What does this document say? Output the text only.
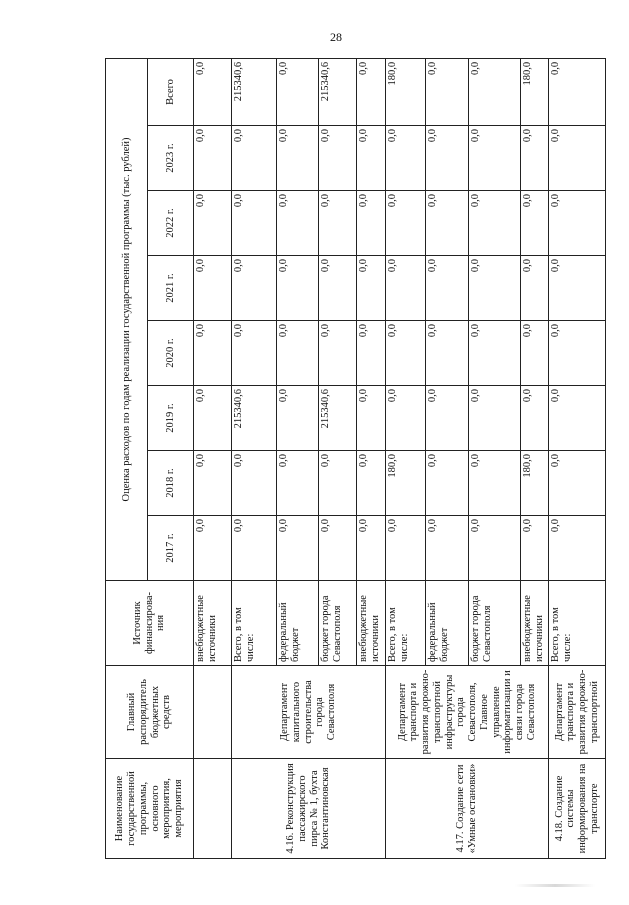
28
Наименование государственной программы, основного мероприятия, мероприятия	Главный распорядитель бюджетных средств	Источник финансирова-ния	Оценка расходов по годам реализации государственной программы (тыс. рублей)							
			2017 г.	2018 г.	2019 г.	2020 г.	2021 г.	2022 г.	2023 г.	Всего
		внебюджетные источники	0,0	0,0	0,0	0,0	0,0	0,0	0,0	0,0
4.16. Реконструкция пассажирского пирса № 1, бухта Константиновская	Департамент капитального строительства города Севастополя	Всего, в том числе:	0,0	0,0	215340,6	0,0	0,0	0,0	0,0	215340,6
		федеральный бюджет	0,0	0,0	0,0	0,0	0,0	0,0	0,0	0,0
		бюджет города Севастополя	0,0	0,0	215340,6	0,0	0,0	0,0	0,0	215340,6
		внебюджетные источники	0,0	0,0	0,0	0,0	0,0	0,0	0,0	0,0
4.17. Создание сети «Умные остановки»	Департамент транспорта и развития дорожно-транспортной инфраструктуры города Севастополя, Главное управление информатизации и связи города Севастополя	Всего, в том числе:	0,0	180,0	0,0	0,0	0,0	0,0	0,0	180,0
		федеральный бюджет	0,0	0,0	0,0	0,0	0,0	0,0	0,0	0,0
		бюджет города Севастополя	0,0	0,0	0,0	0,0	0,0	0,0	0,0	0,0
		внебюджетные источники	0,0	180,0	0,0	0,0	0,0	0,0	0,0	180,0
4.18. Создание системы информирования на транспорте	Департамент транспорта и развития дорожно-транспортной	Всего, в том числе:	0,0	0,0	0,0	0,0	0,0	0,0	0,0	0,0
